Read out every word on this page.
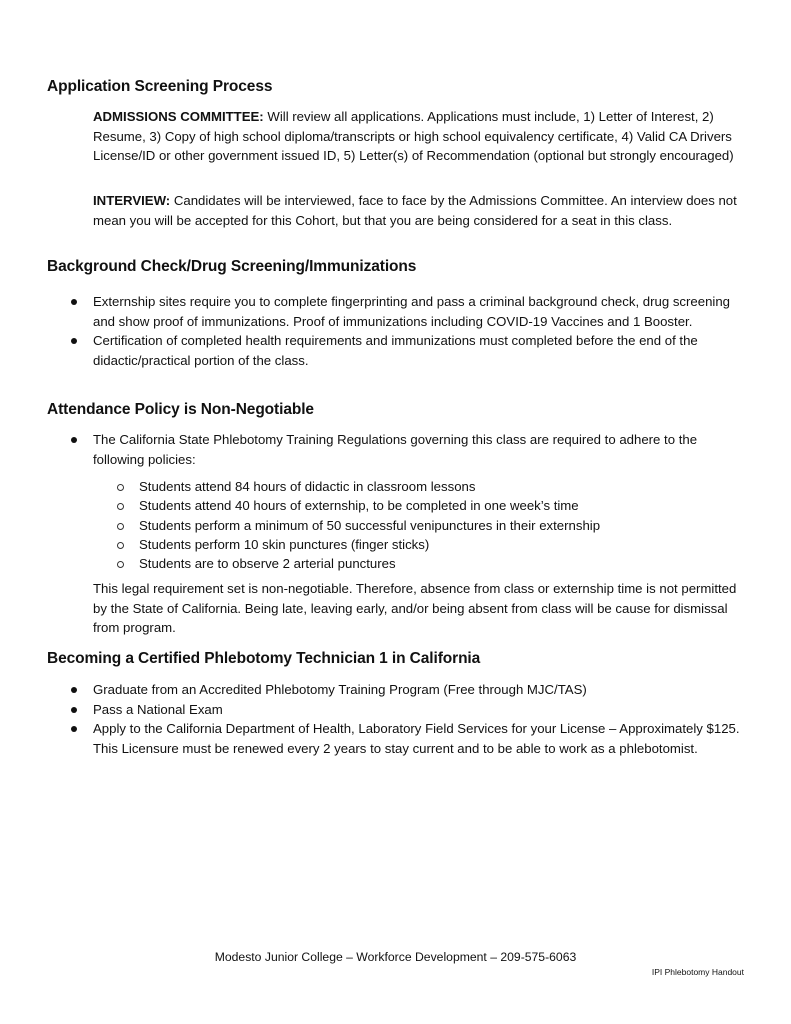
Application Screening Process

ADMISSIONS COMMITTEE: Will review all applications. Applications must include, 1) Letter of Interest, 2) Resume, 3) Copy of high school diploma/transcripts or high school equivalency certificate, 4) Valid CA Drivers License/ID or other government issued ID, 5) Letter(s) of Recommendation (optional but strongly encouraged)

INTERVIEW: Candidates will be interviewed, face to face by the Admissions Committee. An interview does not mean you will be accepted for this Cohort, but that you are being considered for a seat in this class.

Background Check/Drug Screening/Immunizations
Externship sites require you to complete fingerprinting and pass a criminal background check, drug screening and show proof of immunizations. Proof of immunizations including COVID-19 Vaccines and 1 Booster.
Certification of completed health requirements and immunizations must completed before the end of the didactic/practical portion of the class.
Attendance Policy is Non-Negotiable
The California State Phlebotomy Training Regulations governing this class are required to adhere to the following policies:
Students attend 84 hours of didactic in classroom lessons
Students attend 40 hours of externship, to be completed in one week’s time
Students perform a minimum of 50 successful venipunctures in their externship
Students perform 10 skin punctures (finger sticks)
Students are to observe 2 arterial punctures

This legal requirement set is non-negotiable. Therefore, absence from class or externship time is not permitted by the State of California. Being late, leaving early, and/or being absent from class will be cause for dismissal from program.

Becoming a Certified Phlebotomy Technician 1 in California
Graduate from an Accredited Phlebotomy Training Program (Free through MJC/TAS)
Pass a National Exam
Apply to the California Department of Health, Laboratory Field Services for your License – Approximately $125. This Licensure must be renewed every 2 years to stay current and to be able to work as a phlebotomist.
Modesto Junior College – Workforce Development – 209-575-6063
IPI Phlebotomy Handout
